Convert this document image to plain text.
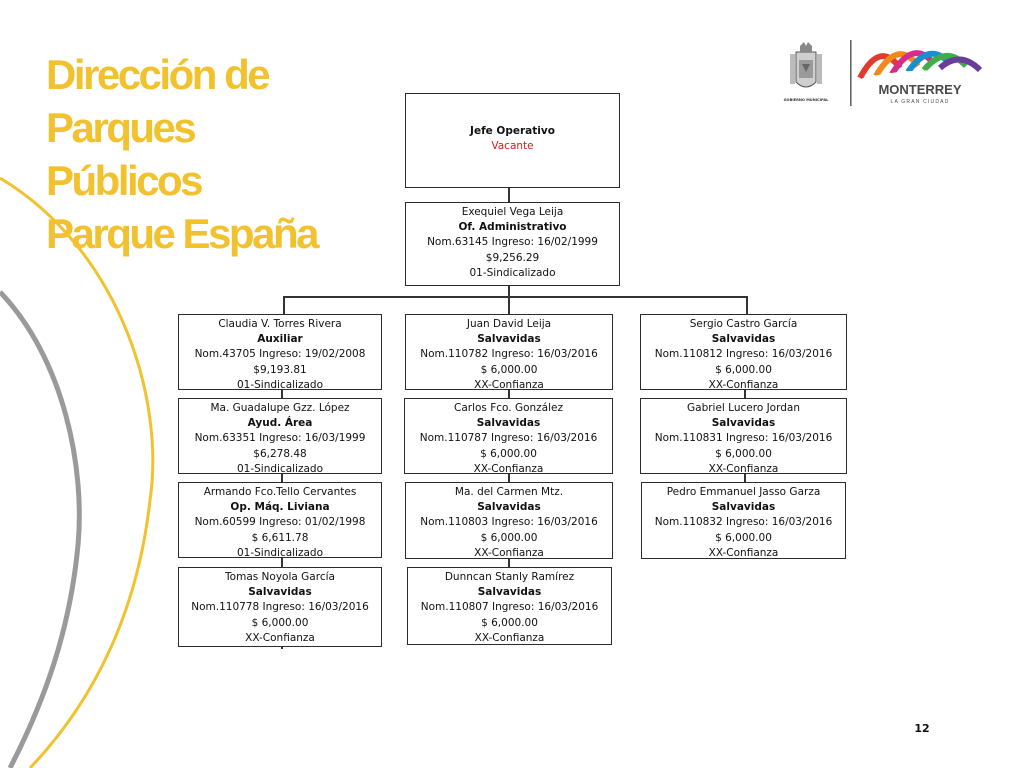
Dirección de
Parques
Públicos
Parque España
GOBIERNO MUNICIPAL
MONTERREY
LA GRAN CIUDAD
Jefe Operativo
Vacante
Exequiel Vega Leija
Of. Administrativo
Nom.63145 Ingreso: 16/02/1999
$9,256.29
01-Sindicalizado
Claudia V. Torres Rivera
Auxiliar
Nom.43705 Ingreso: 19/02/2008
$9,193.81
01-Sindicalizado
Ma. Guadalupe Gzz. López
Ayud. Área
Nom.63351 Ingreso: 16/03/1999
$6,278.48
01-Sindicalizado
Armando Fco.Tello Cervantes
Op. Máq. Liviana
Nom.60599 Ingreso: 01/02/1998
$ 6,611.78
01-Sindicalizado
Tomas Noyola García
Salvavidas
Nom.110778 Ingreso: 16/03/2016
$ 6,000.00
XX-Confianza
Juan David Leija
Salvavidas
Nom.110782 Ingreso: 16/03/2016
$ 6,000.00
XX-Confianza
Carlos Fco. González
Salvavidas
Nom.110787 Ingreso: 16/03/2016
$ 6,000.00
XX-Confianza
Ma. del Carmen Mtz.
Salvavidas
Nom.110803 Ingreso: 16/03/2016
$ 6,000.00
XX-Confianza
Dunncan Stanly Ramírez
Salvavidas
Nom.110807 Ingreso: 16/03/2016
$ 6,000.00
XX-Confianza
Sergio Castro García
Salvavidas
Nom.110812 Ingreso: 16/03/2016
$ 6,000.00
XX-Confianza
Gabriel Lucero Jordan
Salvavidas
Nom.110831 Ingreso: 16/03/2016
$ 6,000.00
XX-Confianza
Pedro Emmanuel Jasso Garza
Salvavidas
Nom.110832 Ingreso: 16/03/2016
$ 6,000.00
XX-Confianza
12
